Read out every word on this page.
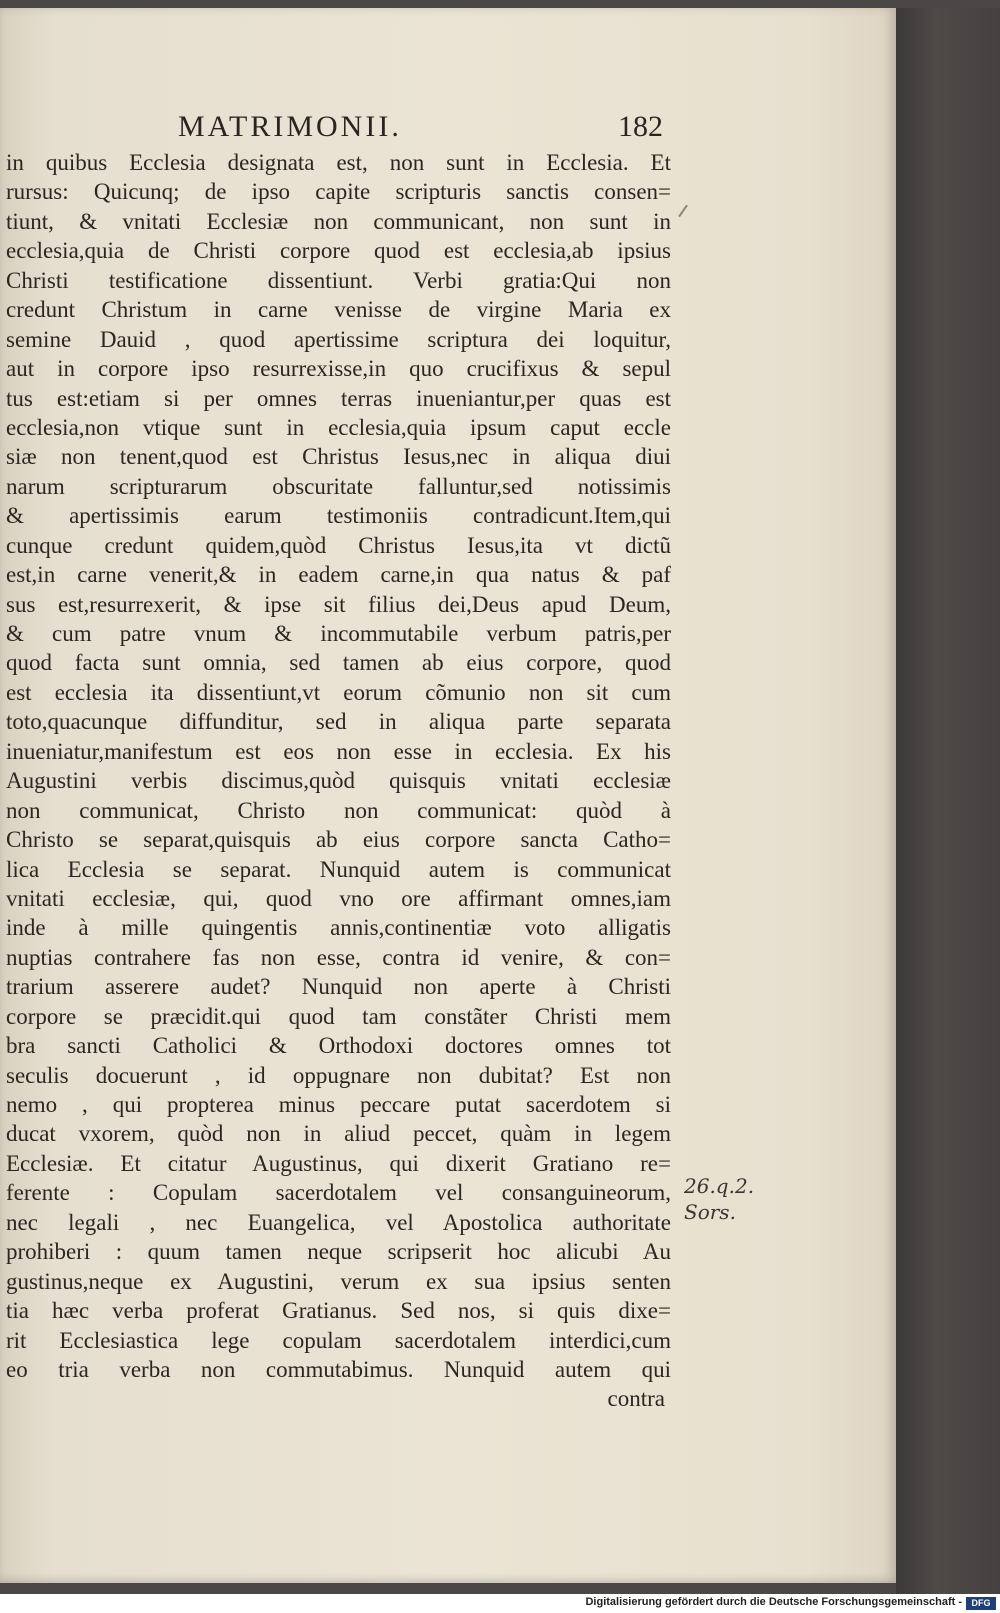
MATRIMONII.	182
in quibus Ecclesia designata est, non sunt in Ecclesia. Et
rursus: Quicunq; de ipso capite scripturis sanctis consen=
tiunt, & vnitati Ecclesiæ non communicant, non sunt in
ecclesia,quia de Christi corpore quod est ecclesia,ab ipsius
Christi testificatione dissentiunt. Verbi gratia:Qui non
credunt Christum in carne venisse de virgine Maria ex
semine Dauid , quod apertissime scriptura dei loquitur,
aut in corpore ipso resurrexisse,in quo crucifixus & sepul
tus est:etiam si per omnes terras inueniantur,per quas est
ecclesia,non vtique sunt in ecclesia,quia ipsum caput eccle
siæ non tenent,quod est Christus Iesus,nec in aliqua diui
narum scripturarum obscuritate falluntur,sed notissimis
& apertissimis earum testimoniis contradicunt.Item,qui
cunque credunt quidem,quòd Christus Iesus,ita vt dictũ
est,in carne venerit,& in eadem carne,in qua natus & paf
sus est,resurrexerit, & ipse sit filius dei,Deus apud Deum,
& cum patre vnum & incommutabile verbum patris,per
quod facta sunt omnia, sed tamen ab eius corpore, quod
est ecclesia ita dissentiunt,vt eorum cõmunio non sit cum
toto,quacunque diffunditur, sed in aliqua parte separata
inueniatur,manifestum est eos non esse in ecclesia. Ex his
Augustini verbis discimus,quòd quisquis vnitati ecclesiæ
non communicat, Christo non communicat: quòd à
Christo se separat,quisquis ab eius corpore sancta Catho=
lica Ecclesia se separat. Nunquid autem is communicat
vnitati ecclesiæ, qui, quod vno ore affirmant omnes,iam
inde à mille quingentis annis,continentiæ voto alligatis
nuptias contrahere fas non esse, contra id venire, & con=
trarium asserere audet? Nunquid non aperte à Christi
corpore se præcidit.qui quod tam constãter Christi mem
bra sancti Catholici & Orthodoxi doctores omnes tot
seculis docuerunt , id oppugnare non dubitat? Est non
nemo , qui propterea minus peccare putat sacerdotem si
ducat vxorem, quòd non in aliud peccet, quàm in legem
Ecclesiæ. Et citatur Augustinus, qui dixerit Gratiano re=
ferente : Copulam sacerdotalem vel consanguineorum,
nec legali , nec Euangelica, vel Apostolica authoritate
prohiberi : quum tamen neque scripserit hoc alicubi Au
gustinus,neque ex Augustini, verum ex sua ipsius senten
tia hæc verba proferat Gratianus. Sed nos, si quis dixe=
rit Ecclesiastica lege copulam sacerdotalem interdici,cum
eo tria verba non commutabimus. Nunquid autem qui
contra
26.q.2.
Sors.
Digitalisierung gefördert durch die Deutsche Forschungsgemeinschaft -	DFG
